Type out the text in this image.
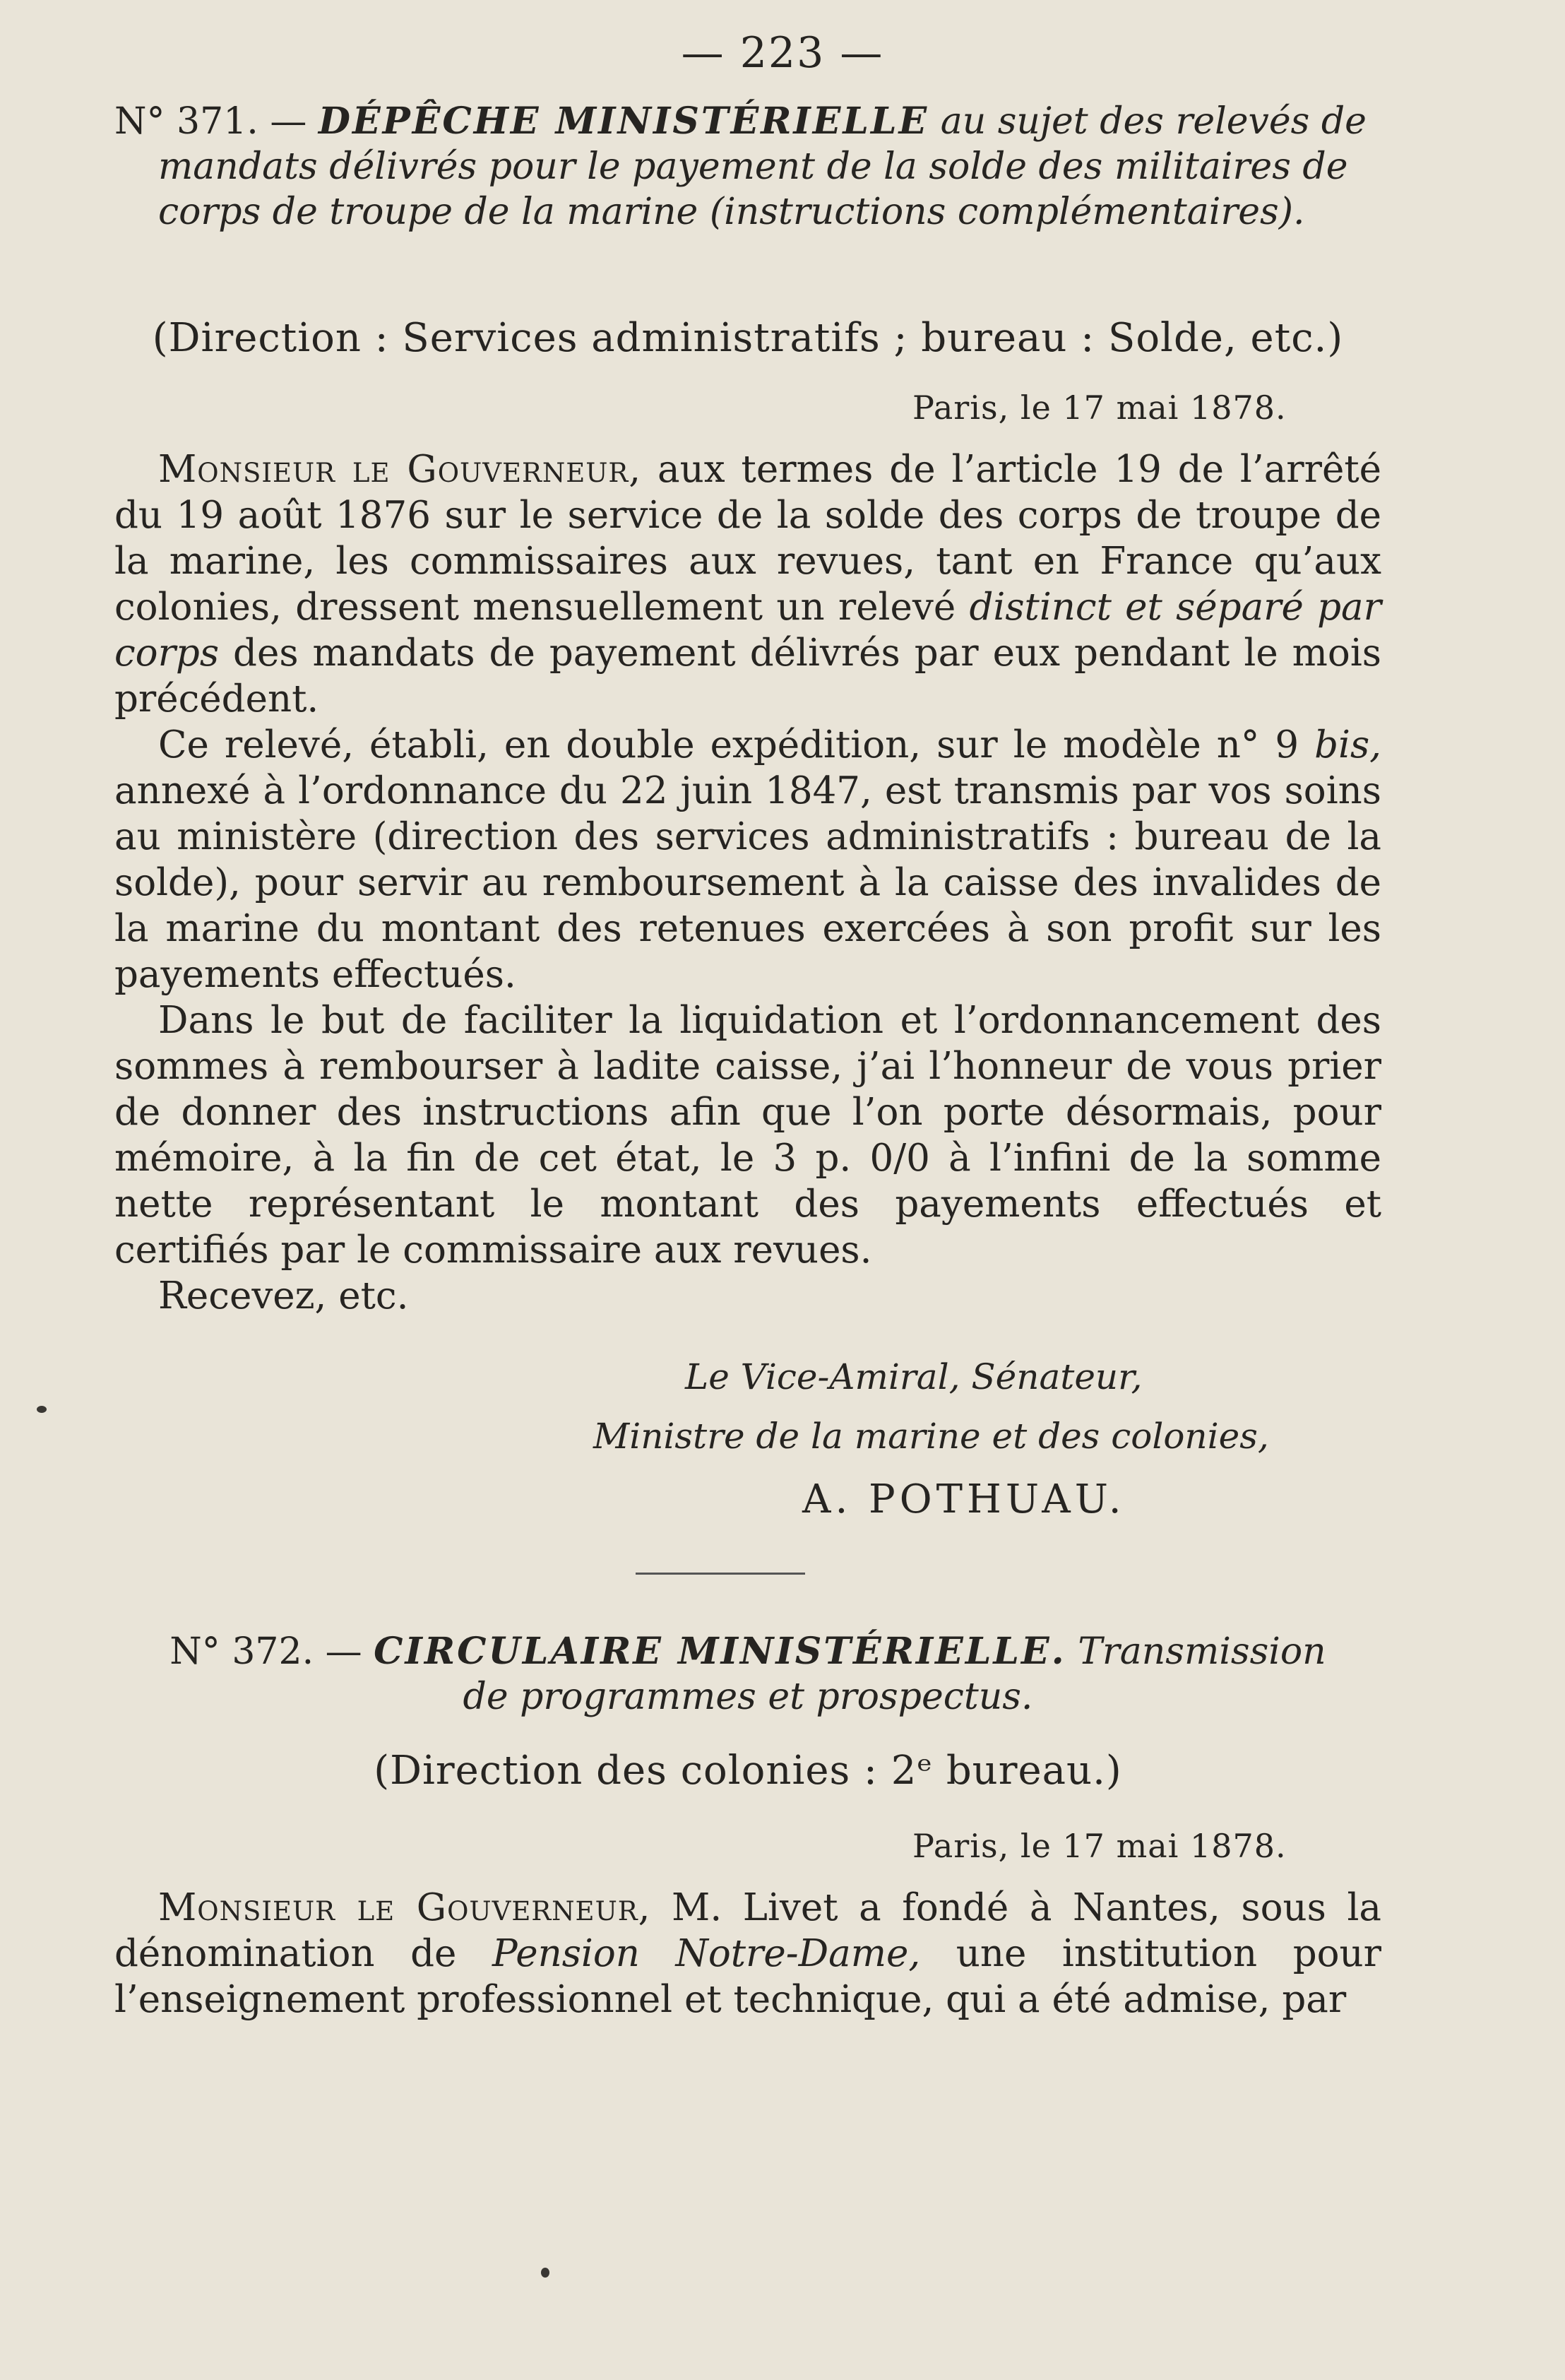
— 223 —
N° 371. — DÉPÊCHE MINISTÉRIELLE au sujet des relevés de mandats délivrés pour le payement de la solde des militaires de corps de troupe de la marine (instructions complémentaires).
(Direction : Services administratifs ; bureau : Solde, etc.)
Paris, le 17 mai 1878.

Monsieur le Gouverneur, aux termes de l’article 19 de l’arrêté du 19 août 1876 sur le service de la solde des corps de troupe de la marine, les commissaires aux revues, tant en France qu’aux colonies, dressent mensuellement un relevé distinct et séparé par corps des mandats de payement délivrés par eux pendant le mois précédent.

Ce relevé, établi, en double expédition, sur le modèle n° 9 bis, annexé à l’ordonnance du 22 juin 1847, est transmis par vos soins au ministère (direction des services administratifs : bureau de la solde), pour servir au remboursement à la caisse des invalides de la marine du montant des retenues exercées à son profit sur les payements effectués.

Dans le but de faciliter la liquidation et l’ordonnancement des sommes à rembourser à ladite caisse, j’ai l’honneur de vous prier de donner des instructions afin que l’on porte désormais, pour mémoire, à la fin de cet état, le 3 p. 0/0 à l’infini de la somme nette représentant le montant des payements effectués et certifiés par le commissaire aux revues.

Recevez, etc.

Le Vice-Amiral, Sénateur,
Ministre de la marine et des colonies,
A. POTHUAU.
N° 372. — CIRCULAIRE MINISTÉRIELLE. Transmission
de programmes et prospectus.
(Direction des colonies : 2ᵉ bureau.)
Paris, le 17 mai 1878.

Monsieur le Gouverneur, M. Livet a fondé à Nantes, sous la dénomination de Pension Notre-Dame, une institution pour l’enseignement professionnel et technique, qui a été admise, par
